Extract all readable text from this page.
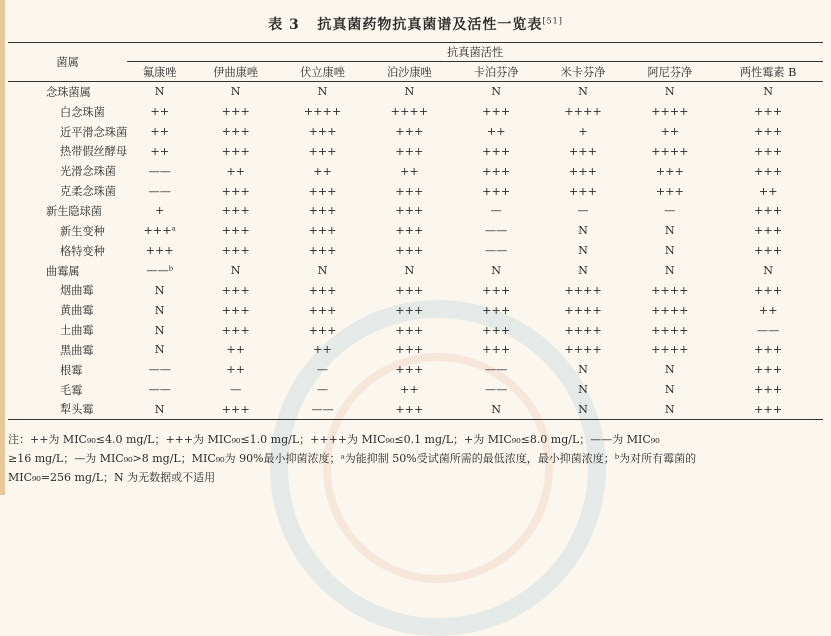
表 3 抗真菌药物抗真菌谱及活性一览表[51]
菌属	抗真菌活性							
	氟康唑	伊曲康唑	伏立康唑	泊沙康唑	卡泊芬净	米卡芬净	阿尼芬净	两性霉素 B
念珠菌属	N	N	N	N	N	N	N	N
白念珠菌	++	+++	++++	++++	+++	++++	++++	+++
近平滑念珠菌	++	+++	+++	+++	++	+	++	+++
热带假丝酵母	++	+++	+++	+++	+++	+++	++++	+++
光滑念珠菌	——	++	++	++	+++	+++	+++	+++
克柔念珠菌	——	+++	+++	+++	+++	+++	+++	++
新生隐球菌	+	+++	+++	+++	—	—	—	+++
新生变种	+++ᵃ	+++	+++	+++	——	N	N	+++
格特变种	+++	+++	+++	+++	——	N	N	+++
曲霉属	——ᵇ	N	N	N	N	N	N	N
烟曲霉	N	+++	+++	+++	+++	++++	++++	+++
黄曲霉	N	+++	+++	+++	+++	++++	++++	++
土曲霉	N	+++	+++	+++	+++	++++	++++	——
黑曲霉	N	++	++	+++	+++	++++	++++	+++
根霉	——	++	—	+++	——	N	N	+++
毛霉	——	—	—	++	——	N	N	+++
犁头霉	N	+++	——	+++	N	N	N	+++
注：++为 MIC₉₀≤4.0 mg/L；+++为 MIC₉₀≤1.0 mg/L；++++为 MIC₉₀≤0.1 mg/L；+为 MIC₉₀≤8.0 mg/L；——为 MIC₉₀
≥16 mg/L；—为 MIC₉₀>8 mg/L；MIC₉₀为 90%最小抑菌浓度；ᵃ为能抑制 50%受试菌所需的最低浓度，最小抑菌浓度；ᵇ为对所有霉菌的
MIC₉₀=256 mg/L；N 为无数据或不适用
